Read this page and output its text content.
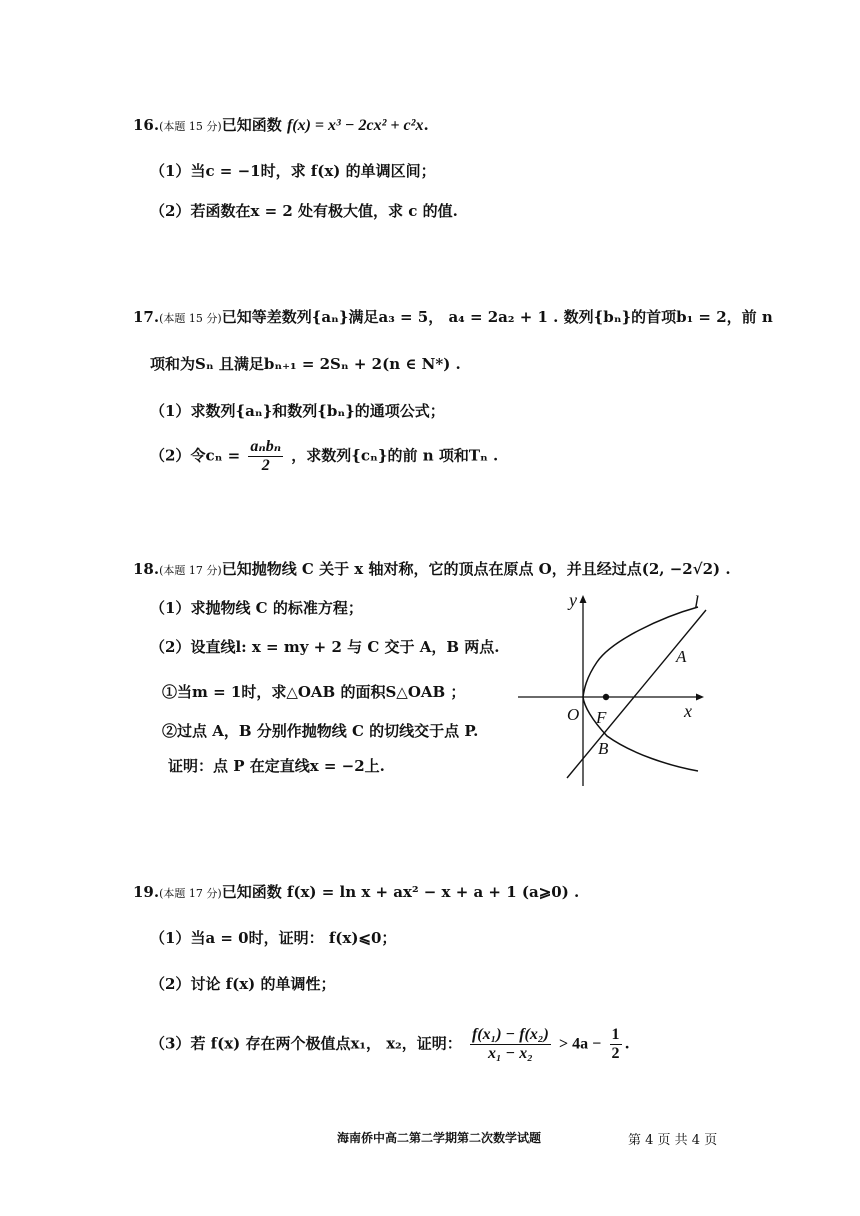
16.(本题 15 分)已知函数 f(x) = x³ − 2cx² + c²x.
（1）当c = −1时，求 f(x) 的单调区间；
（2）若函数在x = 2 处有极大值，求 c 的值.
17.(本题 15 分)已知等差数列{aₙ}满足a₃ = 5， a₄ = 2a₂ + 1 . 数列{bₙ}的首项b₁ = 2，前 n
项和为Sₙ 且满足bₙ₊₁ = 2Sₙ + 2(n ∈ N*) .
（1）求数列{aₙ}和数列{bₙ}的通项公式；
（2）令$c_n = \frac{\text{aₙbₙ}}{2}$ ，求数列{cₙ}的前 n 项和Tₙ .
18.(本题 17 分)已知抛物线 C 关于 x 轴对称，它的顶点在原点 O，并且经过点(2, −2√2) .
（1）求抛物线 C 的标准方程；
（2）设直线l: x = my + 2 与 C 交于 A，B 两点.
①当m = 1时，求△OAB 的面积S△OAB ；
②过点 A，B 分别作抛物线 C 的切线交于点 P.
证明：点 P 在定直线x = −2上.
y
x
l
A
B
O F
19.(本题 17 分)已知函数 f(x) = ln x + ax² − x + a + 1 (a⩾0) .
（1）当a = 0时，证明： f(x)⩽0；
（2）讨论 f(x) 的单调性；
（3）若 f(x) 存在两个极值点x₁， x₂，证明： $\frac{\text{f(x₁) − f(x₂)}}{\text{x₁ − x₂}} > 4a - \frac{1}{2}$ .
海南侨中高二第二学期第二次数学试题	第 4 页 共 4 页
